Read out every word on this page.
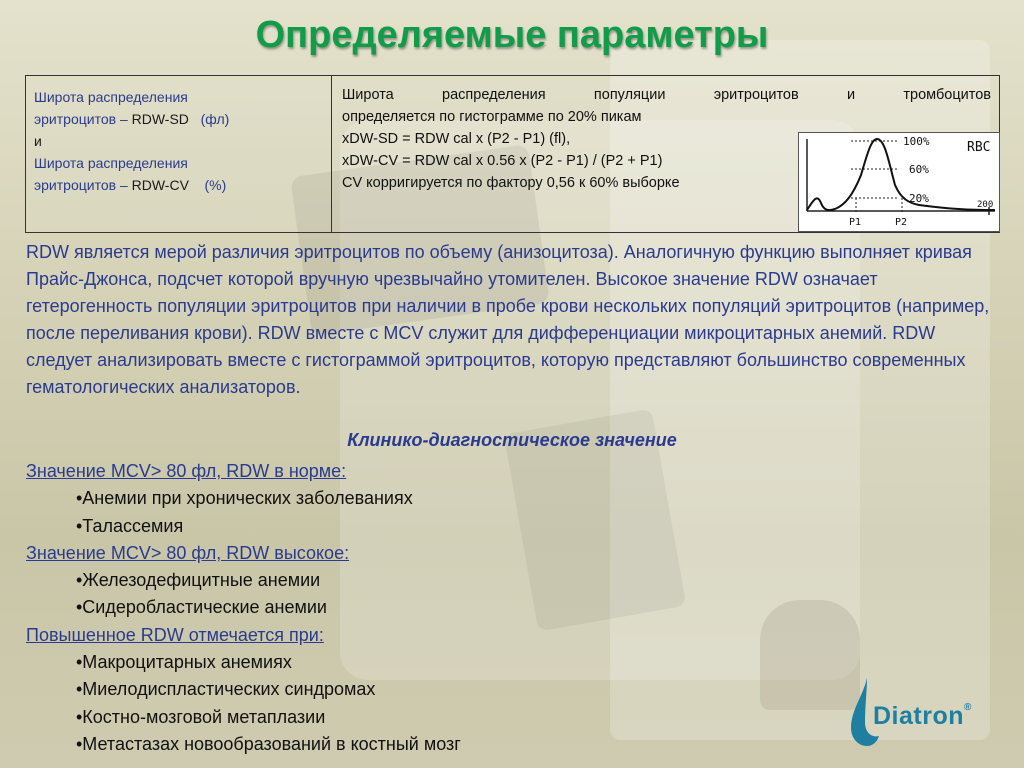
Определяемые параметры
Широта распределения
эритроцитов – RDW-SD (фл)
и
Широта распределения
эритроцитов – RDW-CV (%)
Широта распределения популяции эритроцитов и тромбоцитов
определяется по гистограмме по 20% пикам
xDW-SD = RDW cal x (P2 - P1) (fl),
xDW-CV = RDW cal x 0.56 x (P2 - P1) / (P2 + P1)
CV корригируется по фактору 0,56 к 60% выборке
100%
60%
20%
RBC
P1	P2
200

RDW является мерой различия эритроцитов по объему (анизоцитоза). Аналогичную функцию выполняет кривая Прайс-Джонса, подсчет которой вручную чрезвычайно утомителен. Высокое значение RDW означает гетерогенность популяции эритроцитов при наличии в пробе крови нескольких популяций эритроцитов (например, после переливания крови). RDW вместе с MCV служит для дифференциации микроцитарных анемий. RDW следует анализировать вместе с гистограммой эритроцитов, которую представляют большинство современных гематологических анализаторов.

Клинико-диагностическое значение

Значение MCV> 80 фл, RDW в норме:
•Анемии при хронических заболеваниях
•Талассемия
Значение MCV> 80 фл, RDW высокое:
•Железодефицитные анемии
•Сидеробластические анемии
Повышенное RDW отмечается при:
•Макроцитарных анемиях
•Миелодиспластических синдромах
•Костно-мозговой метаплазии
•Метастазах новообразований в костный мозг
Diatron®
